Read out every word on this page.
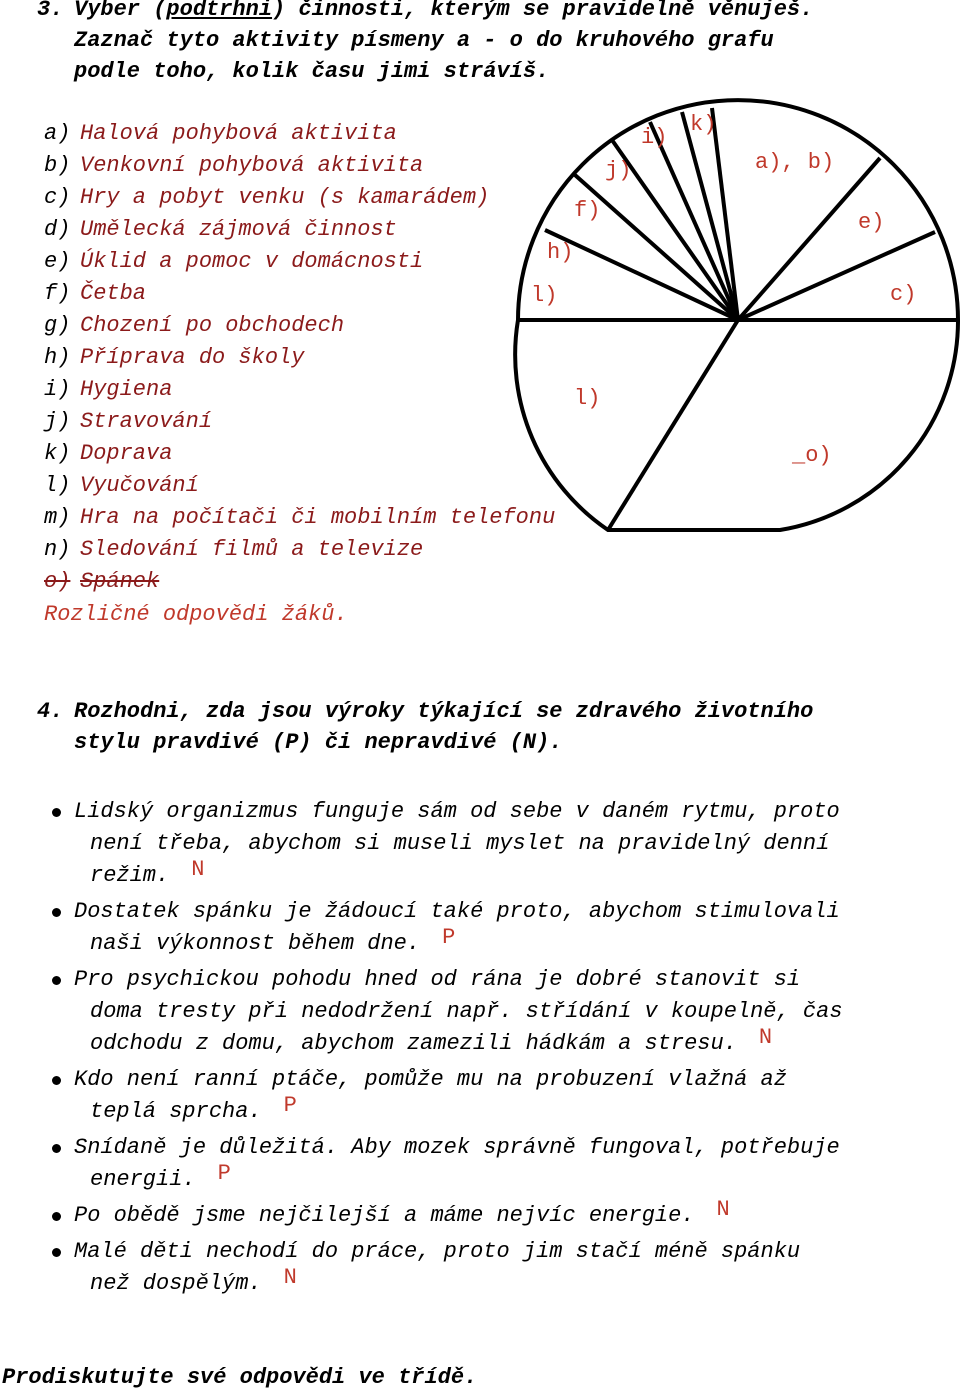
3. Vyber (podtrhni) činnosti, kterým se pravidelně věnuješ.
Zaznač tyto aktivity písmeny a - o do kruhového grafu
podle toho, kolik času jimi strávíš.
a) Halová pohybová aktivita
b) Venkovní pohybová aktivita
c) Hry a pobyt venku (s kamarádem)
d) Umělecká zájmová činnost
e) Úklid a pomoc v domácnosti
f) Četba
g) Chození po obchodech
h) Příprava do školy
i) Hygiena
j) Stravování
k) Doprava
l) Vyučování
m) Hra na počítači či mobilním telefonu
n) Sledování filmů a televize
o) Spánek
Rozličné odpovědi žáků.
i)
k)
j)	a), b)
f)	e)
h)
l)	c)
l)
_o)
4. Rozhodni, zda jsou výroky týkající se zdravého životního
stylu pravdivé (P) či nepravdivé (N).
Lidský organizmus funguje sám od sebe v daném rytmu, proto
není třeba, abychom si museli myslet na pravidelný denní
režim. N
Dostatek spánku je žádoucí také proto, abychom stimulovali
naši výkonnost během dne. P
Pro psychickou pohodu hned od rána je dobré stanovit si
doma tresty při nedodržení např. střídání v koupelně, čas
odchodu z domu, abychom zamezili hádkám a stresu. N
Kdo není ranní ptáče, pomůže mu na probuzení vlažná až
teplá sprcha. P
Snídaně je důležitá. Aby mozek správně fungoval, potřebuje
energii. P
Po obědě jsme nejčilejší a máme nejvíc energie. N
Malé děti nechodí do práce, proto jim stačí méně spánku
než dospělým. N
Prodiskutujte své odpovědi ve třídě.
